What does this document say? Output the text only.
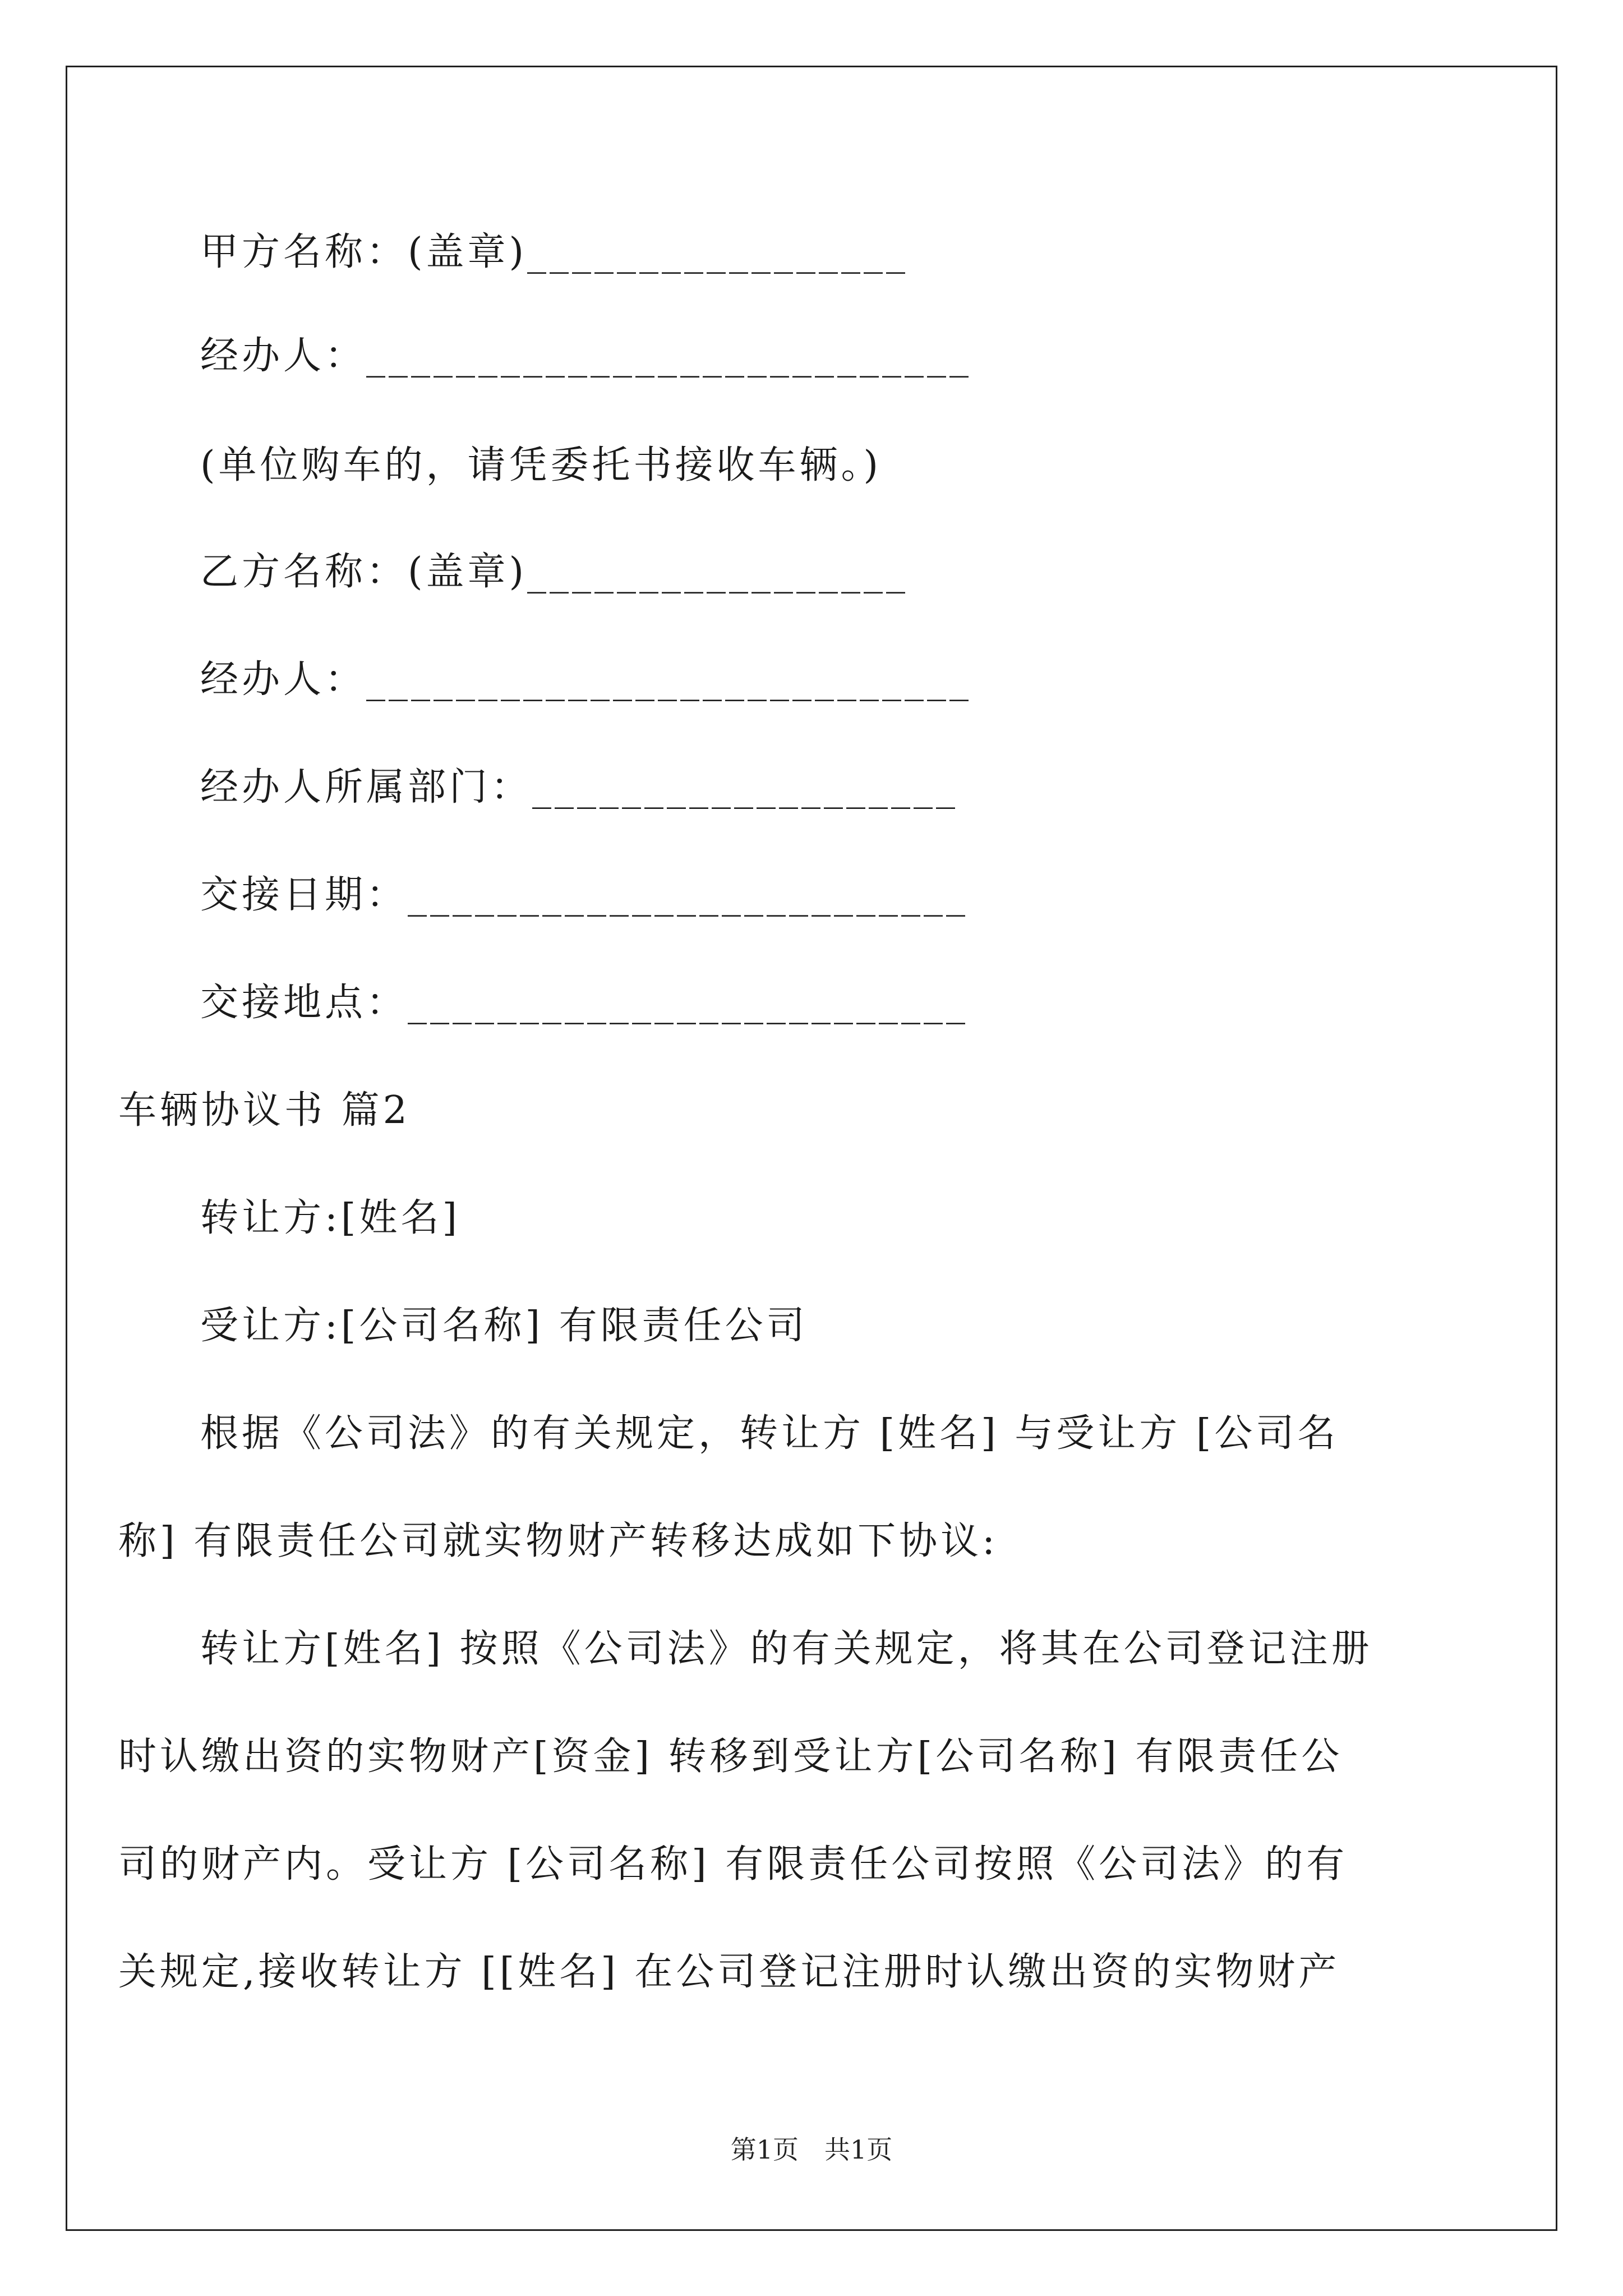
甲方名称：(盖章)_________________
经办人：___________________________
(单位购车的，请凭委托书接收车辆。)
乙方名称：(盖章)_________________
经办人：___________________________
经办人所属部门：___________________
交接日期：_________________________
交接地点：_________________________
车辆协议书 篇2
转让方:[姓名]
受让方:[公司名称] 有限责任公司
根据《公司法》的有关规定，转让方 [姓名] 与受让方 [公司名
称] 有限责任公司就实物财产转移达成如下协议:
转让方[姓名] 按照《公司法》的有关规定，将其在公司登记注册
时认缴出资的实物财产[资金] 转移到受让方[公司名称] 有限责任公
司的财产内。受让方 [公司名称] 有限责任公司按照《公司法》的有
关规定,接收转让方 [[姓名] 在公司登记注册时认缴出资的实物财产
第1页　共1页
